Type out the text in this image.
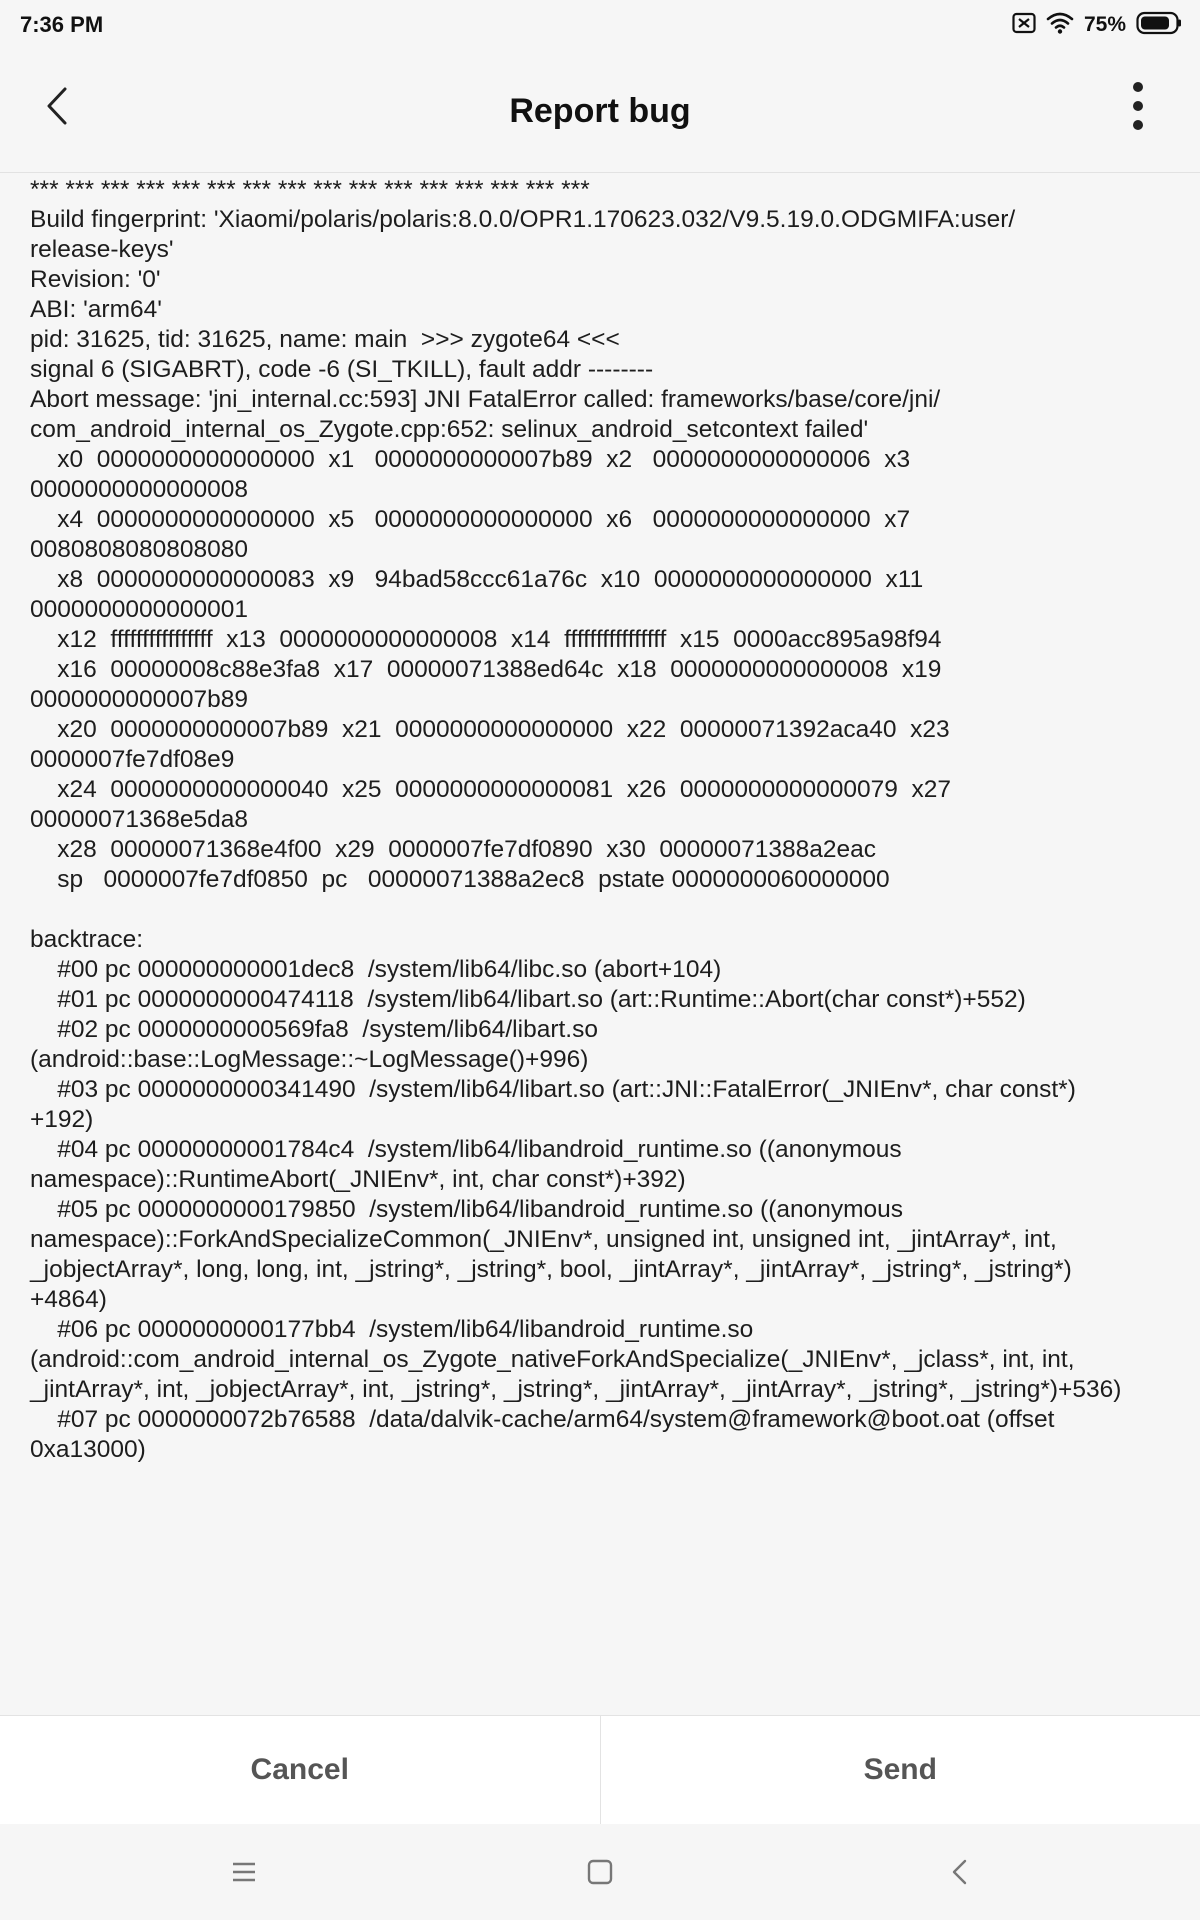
7:36 PM	75%
Report bug
*** *** *** *** *** *** *** *** *** *** *** *** *** *** *** ***
Build fingerprint: 'Xiaomi/polaris/polaris:8.0.0/OPR1.170623.032/V9.5.19.0.ODGMIFA:user/
release-keys'
Revision: '0'
ABI: 'arm64'
pid: 31625, tid: 31625, name: main  >>> zygote64 <<<
signal 6 (SIGABRT), code -6 (SI_TKILL), fault addr --------
Abort message: 'jni_internal.cc:593] JNI FatalError called: frameworks/base/core/jni/
com_android_internal_os_Zygote.cpp:652: selinux_android_setcontext failed'
x0  0000000000000000  x1   0000000000007b89  x2   0000000000000006  x3
0000000000000008
x4  0000000000000000  x5   0000000000000000  x6   0000000000000000  x7
0080808080808080
x8  0000000000000083  x9   94bad58ccc61a76c  x10  0000000000000000  x11
0000000000000001
x12  ffffffffffffffff  x13  0000000000000008  x14  ffffffffffffffff  x15  0000acc895a98f94
x16  00000008c88e3fa8  x17  00000071388ed64c  x18  0000000000000008  x19
0000000000007b89
x20  0000000000007b89  x21  0000000000000000  x22  00000071392aca40  x23
0000007fe7df08e9
x24  0000000000000040  x25  0000000000000081  x26  0000000000000079  x27
00000071368e5da8
x28  00000071368e4f00  x29  0000007fe7df0890  x30  00000071388a2eac
sp   0000007fe7df0850  pc   00000071388a2ec8  pstate 0000000060000000

backtrace:
#00 pc 000000000001dec8  /system/lib64/libc.so (abort+104)
#01 pc 0000000000474118  /system/lib64/libart.so (art::Runtime::Abort(char const*)+552)
#02 pc 0000000000569fa8  /system/lib64/libart.so
(android::base::LogMessage::~LogMessage()+996)
#03 pc 0000000000341490  /system/lib64/libart.so (art::JNI::FatalError(_JNIEnv*, char const*)
+192)
#04 pc 00000000001784c4  /system/lib64/libandroid_runtime.so ((anonymous
namespace)::RuntimeAbort(_JNIEnv*, int, char const*)+392)
#05 pc 0000000000179850  /system/lib64/libandroid_runtime.so ((anonymous
namespace)::ForkAndSpecializeCommon(_JNIEnv*, unsigned int, unsigned int, _jintArray*, int,
_jobjectArray*, long, long, int, _jstring*, _jstring*, bool, _jintArray*, _jintArray*, _jstring*, _jstring*)
+4864)
#06 pc 0000000000177bb4  /system/lib64/libandroid_runtime.so
(android::com_android_internal_os_Zygote_nativeForkAndSpecialize(_JNIEnv*, _jclass*, int, int,
_jintArray*, int, _jobjectArray*, int, _jstring*, _jstring*, _jintArray*, _jintArray*, _jstring*, _jstring*)+536)
#07 pc 0000000072b76588  /data/dalvik-cache/arm64/system@framework@boot.oat (offset
0xa13000)
Cancel	Send
